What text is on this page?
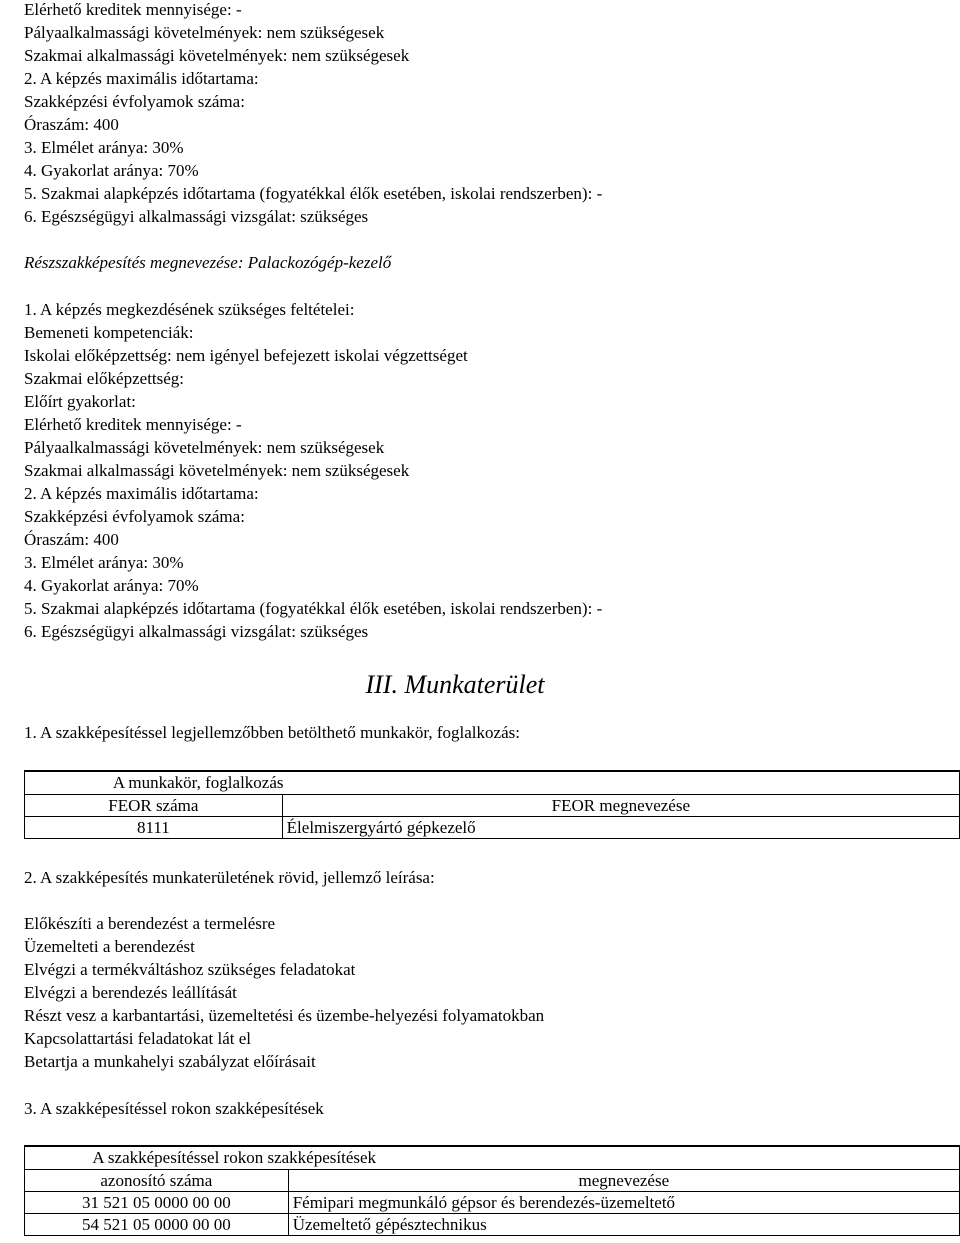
Elérhető kreditek mennyisége: -
Pályaalkalmassági követelmények: nem szükségesek
Szakmai alkalmassági követelmények: nem szükségesek
2. A képzés maximális időtartama:
Szakképzési évfolyamok száma:
Óraszám: 400
3. Elmélet aránya: 30%
4. Gyakorlat aránya: 70%
5. Szakmai alapképzés időtartama (fogyatékkal élők esetében, iskolai rendszerben): -
6. Egészségügyi alkalmassági vizsgálat: szükséges
Részszakképesítés megnevezése: Palackozógép-kezelő
1. A képzés megkezdésének szükséges feltételei:
Bemeneti kompetenciák:
Iskolai előképzettség: nem igényel befejezett iskolai végzettséget
Szakmai előképzettség:
Előírt gyakorlat:
Elérhető kreditek mennyisége: -
Pályaalkalmassági követelmények: nem szükségesek
Szakmai alkalmassági követelmények: nem szükségesek
2. A képzés maximális időtartama:
Szakképzési évfolyamok száma:
Óraszám: 400
3. Elmélet aránya: 30%
4. Gyakorlat aránya: 70%
5. Szakmai alapképzés időtartama (fogyatékkal élők esetében, iskolai rendszerben): -
6. Egészségügyi alkalmassági vizsgálat: szükséges
III. Munkaterület
1. A szakképesítéssel legjellemzőbben betölthető munkakör, foglalkozás:
	A munkakör, foglalkozás
FEOR száma	FEOR megnevezése
8111	Élelmiszergyártó gépkezelő
2. A szakképesítés munkaterületének rövid, jellemző leírása:
Előkészíti a berendezést a termelésre
Üzemelteti a berendezést
Elvégzi a termékváltáshoz szükséges feladatokat
Elvégzi a berendezés leállítását
Részt vesz a karbantartási, üzemeltetési és üzembe-helyezési folyamatokban
Kapcsolattartási feladatokat lát el
Betartja a munkahelyi szabályzat előírásait
3. A szakképesítéssel rokon szakképesítések
	A szakképesítéssel rokon szakképesítések
azonosító száma	megnevezése
31 521 05 0000 00 00	Fémipari megmunkáló gépsor és berendezés-üzemeltető
54 521 05 0000 00 00	Üzemeltető gépésztechnikus
